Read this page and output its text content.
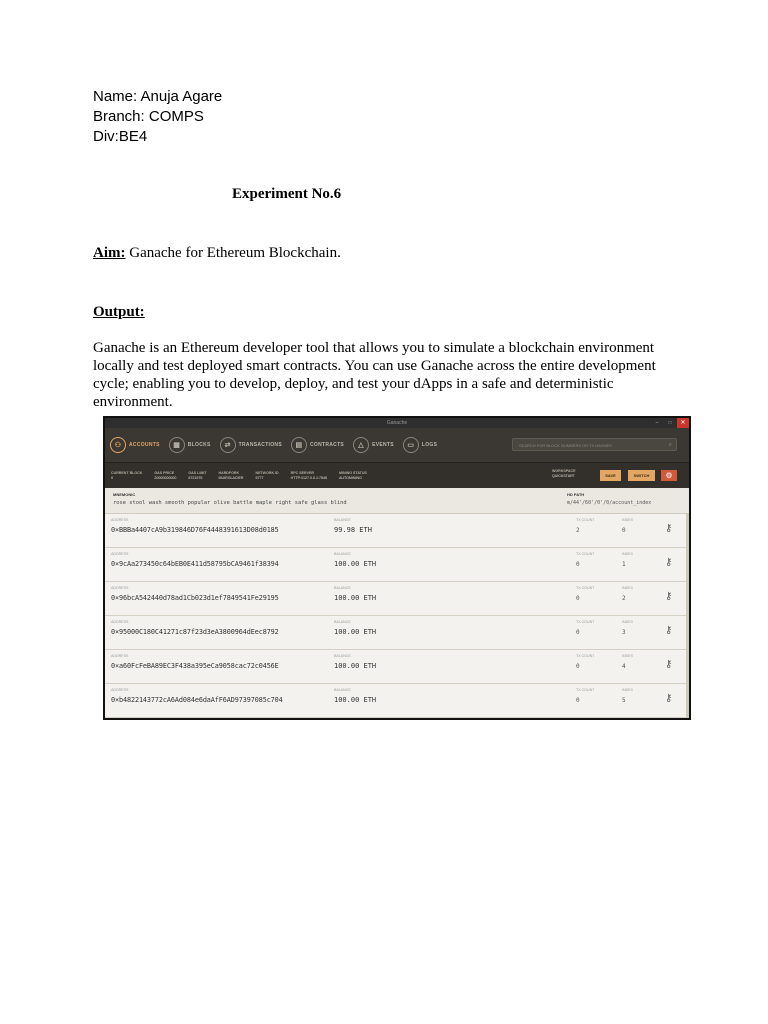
Name: Anuja Agare
Branch: COMPS
Div:BE4
Experiment No.6
Aim: Ganache for Ethereum Blockchain.
Output:
Ganache is an Ethereum developer tool that allows you to simulate a blockchain environment locally and test deployed smart contracts. You can use Ganache across the entire development cycle; enabling you to develop, deploy, and test your dApps in a safe and deterministic environment.
Ganache	–	□	✕
⚇	ACCOUNTS	▦	BLOCKS	⇄	TRANSACTIONS	▤	CONTRACTS	△	EVENTS	▭	LOGS	SEARCH FOR BLOCK NUMBERS OR TX HASHES	⌕
CURRENT BLOCK
0
GAS PRICE
20000000000
GAS LIMIT
6721975
HARDFORK
MUIRGLACIER
NETWORK ID
5777
RPC SERVER
HTTP://127.0.0.1:7545
MINING STATUS
AUTOMINING
WORKSPACE
QUICKSTART	SAVE	SWITCH	⚙
MNEMONIC
rose stool wash smooth popular olive battle maple right safe glass blind
HD PATH
m/44'/60'/0'/0/account_index
ADDRESS	BALANCE	TX COUNT	INDEX
0×BBBa4407cA9b319846D76F4448391613D08d0185	99.98 ETH	2	0	⚷
ADDRESS	BALANCE	TX COUNT	INDEX
0×9cAa273450c64bEB0E411d58795bCA9461f38394	100.00 ETH	0	1	⚷
ADDRESS	BALANCE	TX COUNT	INDEX
0×96bcA542440d78ad1Cb023d1ef7849541Fe29195	100.00 ETH	0	2	⚷
ADDRESS	BALANCE	TX COUNT	INDEX
0×95000C180C41271c87f23d3eA3800964dEec8792	100.00 ETH	0	3	⚷
ADDRESS	BALANCE	TX COUNT	INDEX
0×a60FcFeBA89EC3F438a395eCa9058cac72c0456E	100.00 ETH	0	4	⚷
ADDRESS	BALANCE	TX COUNT	INDEX
0×b4822143772cA6Ad084e6daAfF6AD97397085c704	100.00 ETH	0	5	⚷
